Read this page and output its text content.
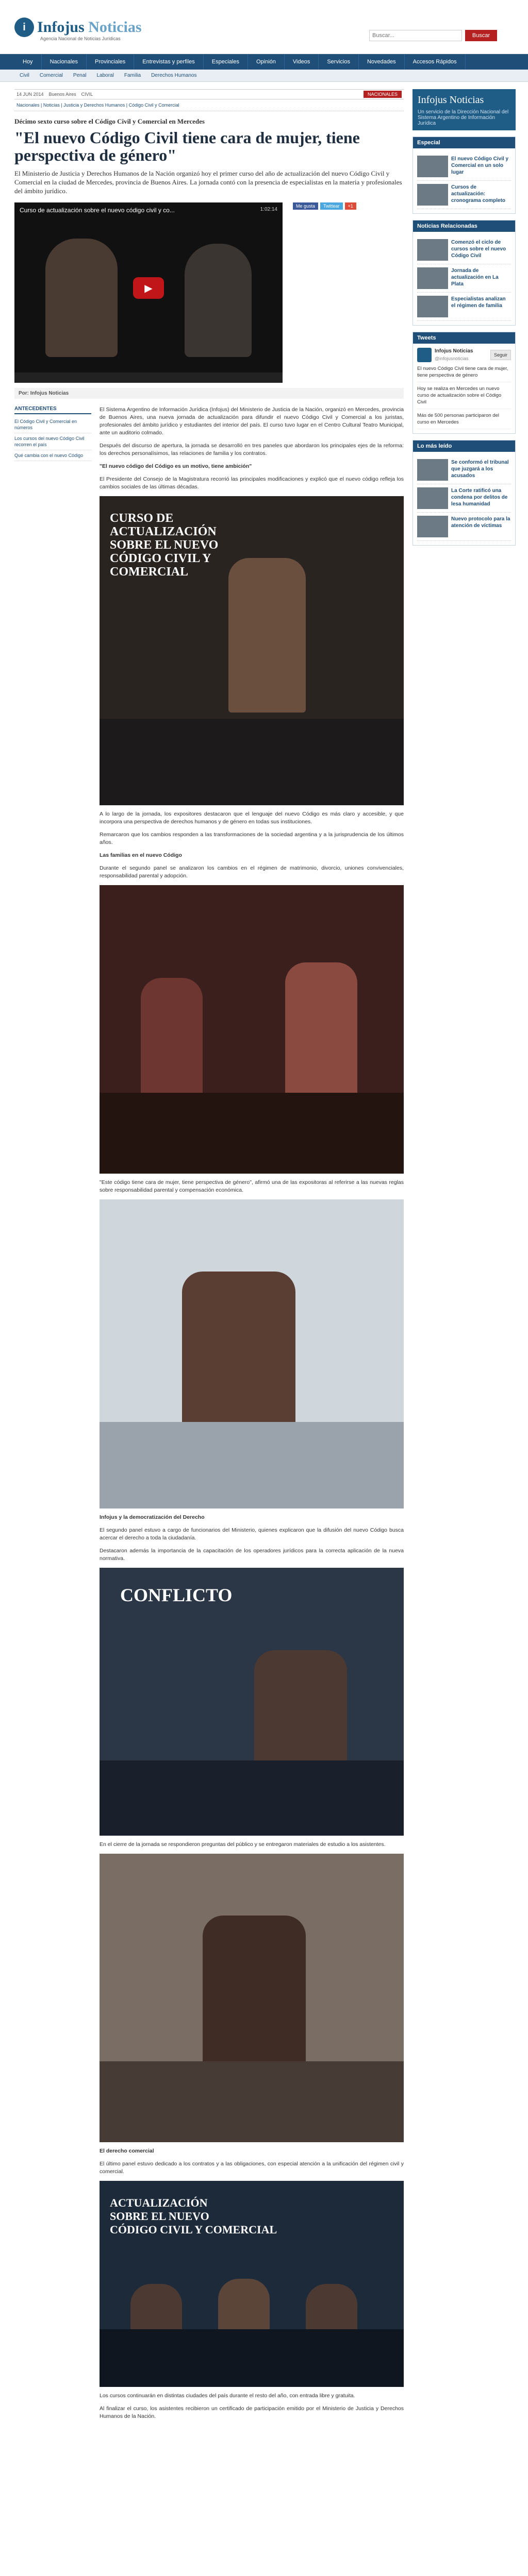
i Infojus Noticias
Agencia Nacional de Noticias Jurídicas
Buscar...	Buscar
Hoy	Nacionales	Provinciales	Entrevistas y perfiles	Especiales	Opinión	Videos	Servicios	Novedades	Accesos Rápidos
Civil	Comercial	Penal	Laboral	Familia	Derechos Humanos
14 JUN 2014 Buenos Aires CIVIL	NACIONALES
Nacionales | Noticias | Justicia y Derechos Humanos | Código Civil y Comercial
Décimo sexto curso sobre el Código Civil y Comercial en Mercedes
"El nuevo Código Civil tiene cara de mujer, tiene perspectiva de género"
El Ministerio de Justicia y Derechos Humanos de la Nación organizó hoy el primer curso del año de actualización del nuevo Código Civil y Comercial en la ciudad de Mercedes, provincia de Buenos Aires. La jornada contó con la presencia de especialistas en la materia y profesionales del ámbito jurídico.
Curso de actualización sobre el nuevo código civil y co...	1:02:14
▶
Me gusta	Twittear	+1
Por: Infojus Noticias
ANTECEDENTES
El Código Civil y Comercial en números
Los cursos del nuevo Código Civil recorren el país
Qué cambia con el nuevo Código

El Sistema Argentino de Información Jurídica (Infojus) del Ministerio de Justicia de la Nación, organizó en Mercedes, provincia de Buenos Aires, una nueva jornada de actualización para difundir el nuevo Código Civil y Comercial a los juristas, profesionales del ámbito jurídico y estudiantes del interior del país. El curso tuvo lugar en el Centro Cultural Teatro Municipal, ante un auditorio colmado.

Después del discurso de apertura, la jornada se desarrolló en tres paneles que abordaron los principales ejes de la reforma: los derechos personalísimos, las relaciones de familia y los contratos.

"El nuevo código del Código es un motivo, tiene ambición"

El Presidente del Consejo de la Magistratura recorrió las principales modificaciones y explicó que el nuevo código refleja los cambios sociales de las últimas décadas.

CURSO DE
ACTUALIZACIÓN
SOBRE EL NUEVO
CÓDIGO CIVIL Y
COMERCIAL

A lo largo de la jornada, los expositores destacaron que el lenguaje del nuevo Código es más claro y accesible, y que incorpora una perspectiva de derechos humanos y de género en todas sus instituciones.

Remarcaron que los cambios responden a las transformaciones de la sociedad argentina y a la jurisprudencia de los últimos años.

Las familias en el nuevo Código

Durante el segundo panel se analizaron los cambios en el régimen de matrimonio, divorcio, uniones convivenciales, responsabilidad parental y adopción.

"Este código tiene cara de mujer, tiene perspectiva de género", afirmó una de las expositoras al referirse a las nuevas reglas sobre responsabilidad parental y compensación económica.

Infojus y la democratización del Derecho

El segundo panel estuvo a cargo de funcionarios del Ministerio, quienes explicaron que la difusión del nuevo Código busca acercar el derecho a toda la ciudadanía.

Destacaron además la importancia de la capacitación de los operadores jurídicos para la correcta aplicación de la nueva normativa.

CONFLICTO

En el cierre de la jornada se respondieron preguntas del público y se entregaron materiales de estudio a los asistentes.

El derecho comercial

El último panel estuvo dedicado a los contratos y a las obligaciones, con especial atención a la unificación del régimen civil y comercial.

ACTUALIZACIÓN
SOBRE EL NUEVO
CÓDIGO CIVIL Y COMERCIAL

Los cursos continuarán en distintas ciudades del país durante el resto del año, con entrada libre y gratuita.

Al finalizar el curso, los asistentes recibieron un certificado de participación emitido por el Ministerio de Justicia y Derechos Humanos de la Nación.

Infojus Noticias
Un servicio de la Dirección Nacional del Sistema Argentino de Información Jurídica
Especial
El nuevo Código Civil y Comercial en un solo lugar
Cursos de actualización: cronograma completo
Noticias Relacionadas
Comenzó el ciclo de cursos sobre el nuevo Código Civil
Jornada de actualización en La Plata
Especialistas analizan el régimen de familia
Tweets
Infojus Noticias
@infojusnoticias
Seguir
El nuevo Código Civil tiene cara de mujer, tiene perspectiva de género
Hoy se realiza en Mercedes un nuevo curso de actualización sobre el Código Civil
Más de 500 personas participaron del curso en Mercedes
Lo más leído
Se conformó el tribunal que juzgará a los acusados
La Corte ratificó una condena por delitos de lesa humanidad
Nuevo protocolo para la atención de víctimas
